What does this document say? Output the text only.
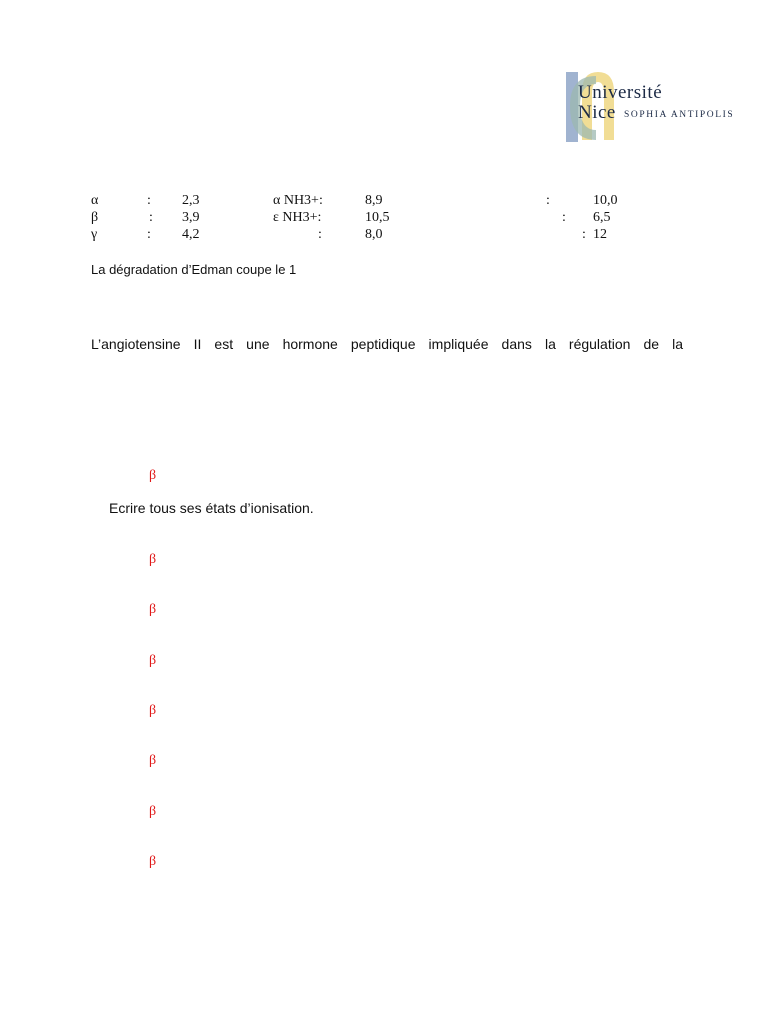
Université
Nice SOPHIA ANTIPOLIS
α	: 2,3	α NH3+:	8,9	:	10,0
β	: 3,9	ε NH3+:	10,5	: 6,5
γ	: 4,2	:	8,0	: 12
La dégradation d’Edman coupe le 1
L’angiotensine II est une hormone peptidique impliquée dans la régulation de la
β
Ecrire tous ses états d’ionisation.
β
β
β
β
β
β
β
